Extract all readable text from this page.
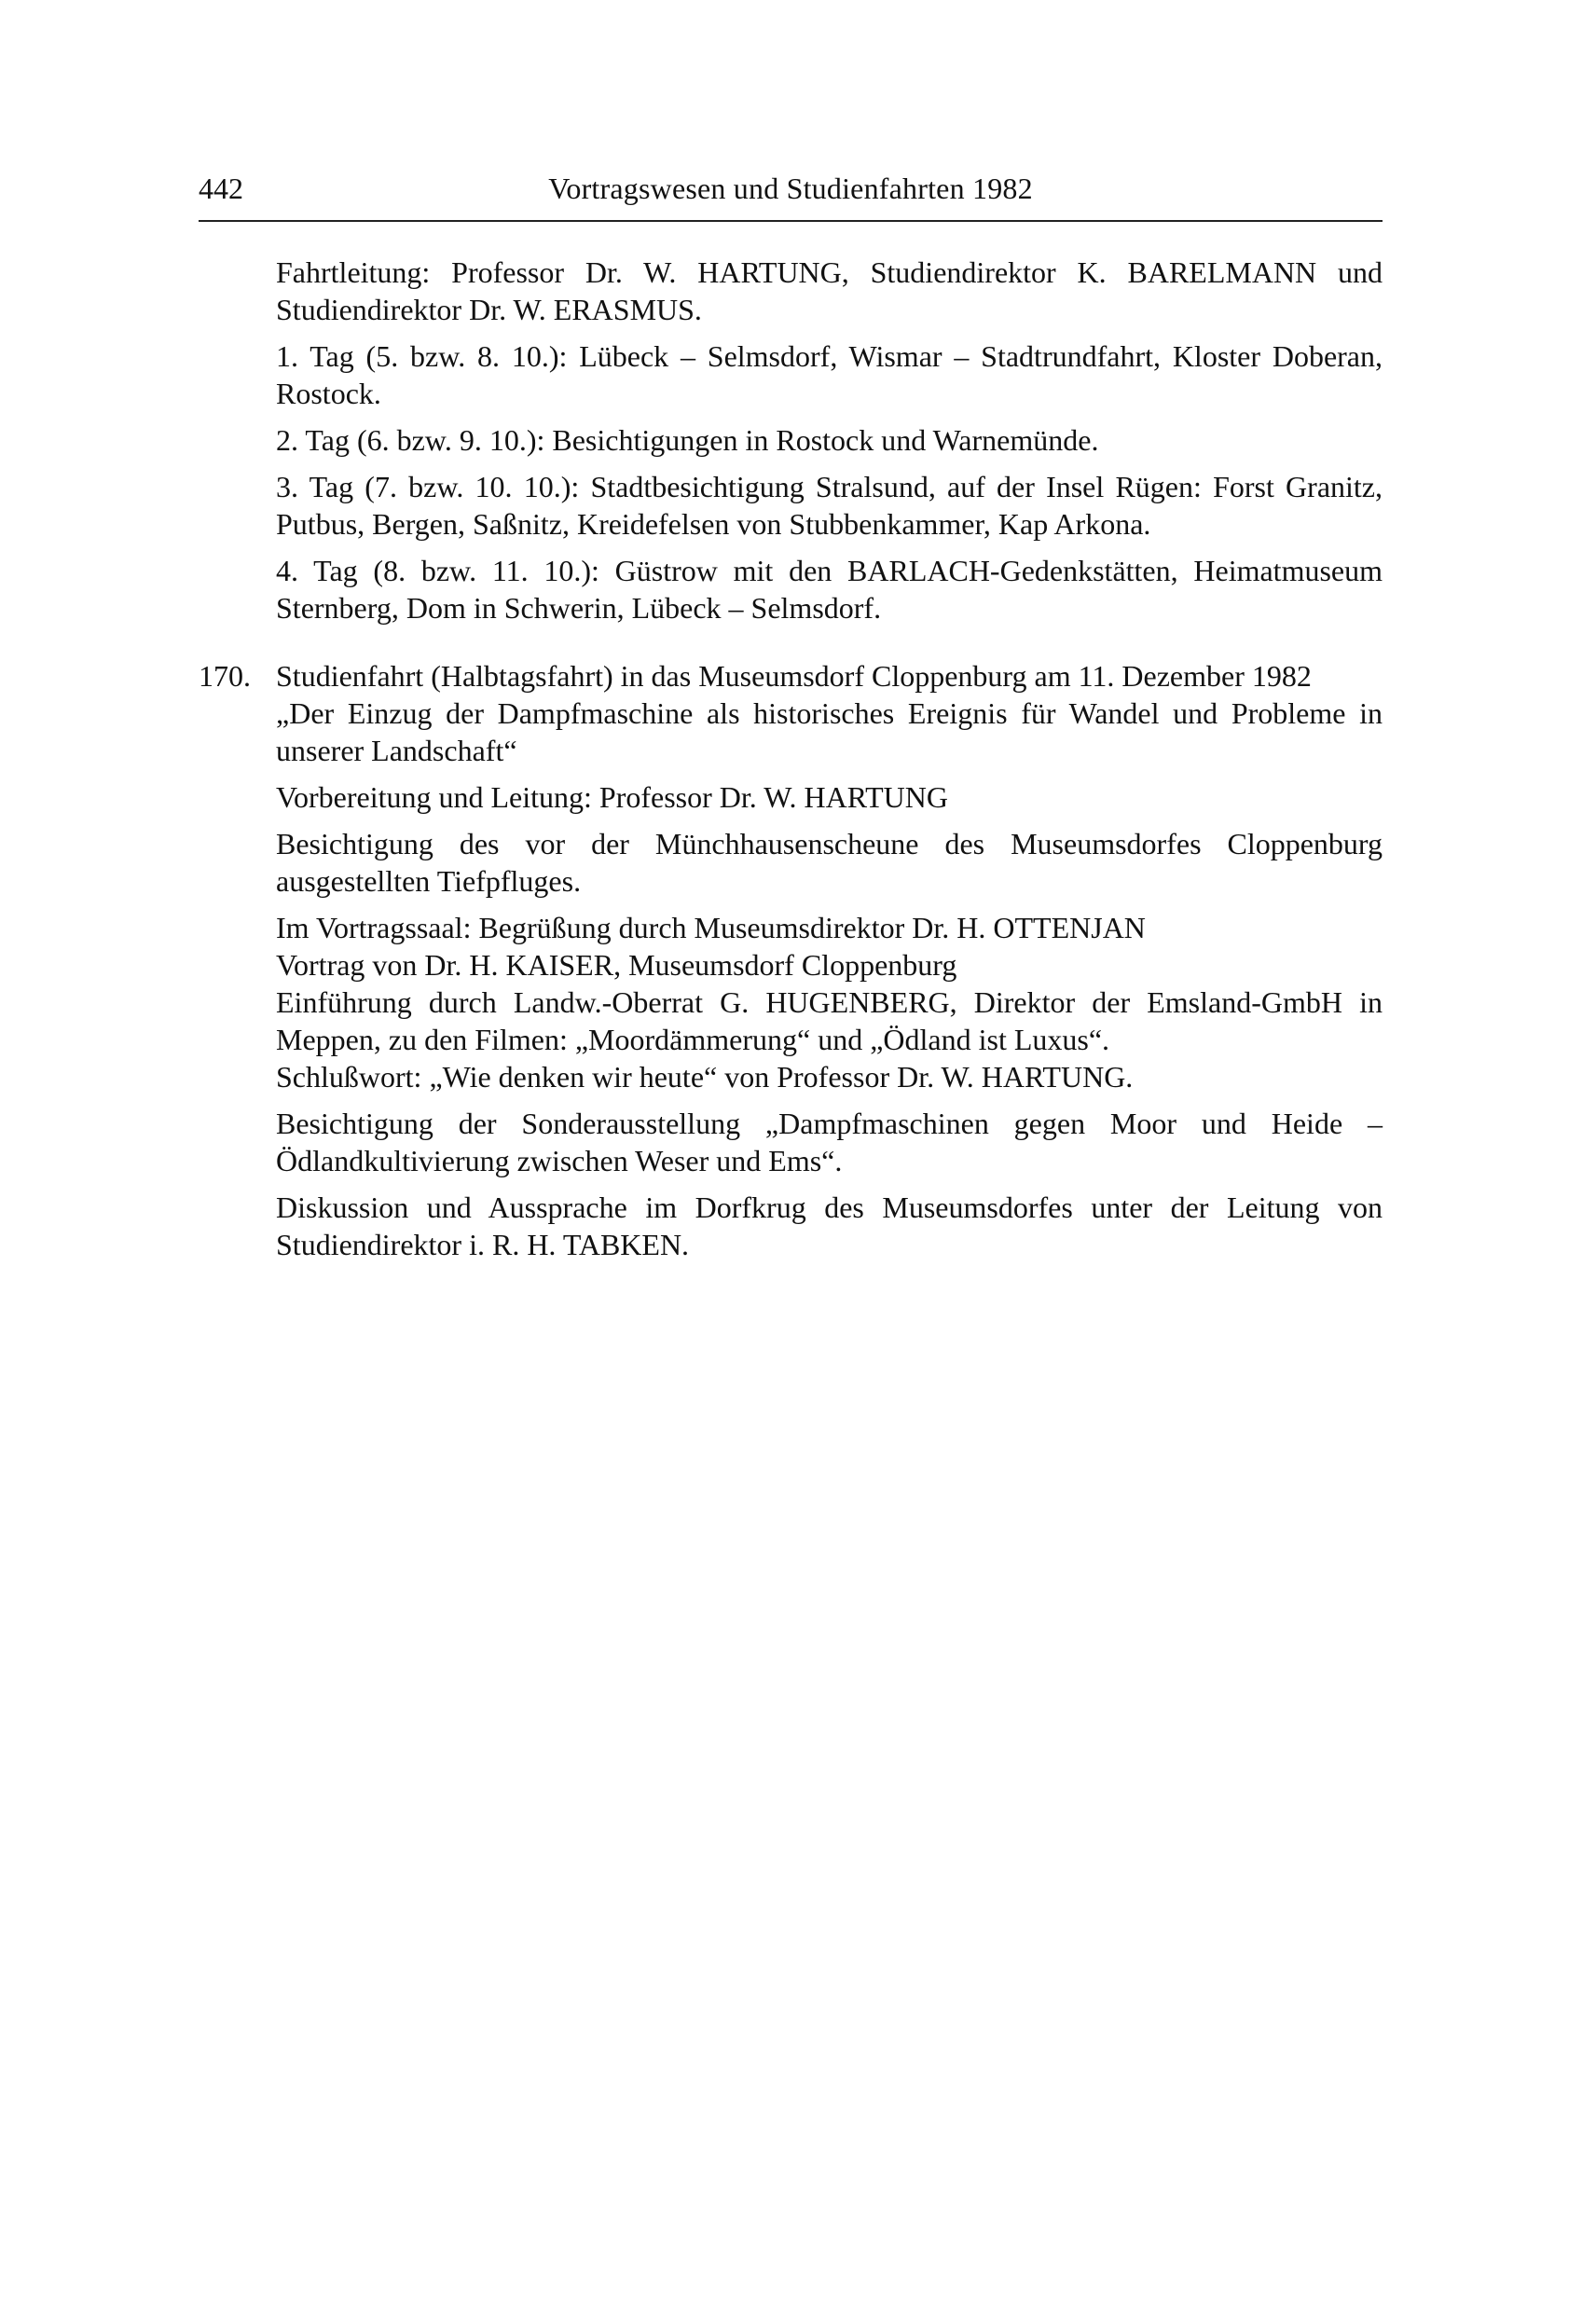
442	Vortragswesen und Studienfahrten 1982

Fahrtleitung: Professor Dr. W. HARTUNG, Studiendirektor K. BARELMANN und Studiendirektor Dr. W. ERASMUS.

1. Tag (5. bzw. 8. 10.): Lübeck – Selmsdorf, Wismar – Stadtrundfahrt, Kloster Doberan, Rostock.

2. Tag (6. bzw. 9. 10.): Besichtigungen in Rostock und Warnemünde.

3. Tag (7. bzw. 10. 10.): Stadtbesichtigung Stralsund, auf der Insel Rügen: Forst Granitz, Putbus, Bergen, Saßnitz, Kreidefelsen von Stubbenkammer, Kap Arkona.

4. Tag (8. bzw. 11. 10.): Güstrow mit den BARLACH-Gedenkstätten, Heimatmuseum Sternberg, Dom in Schwerin, Lübeck – Selmsdorf.

170. Studienfahrt (Halbtagsfahrt) in das Museumsdorf Cloppenburg am 11. Dezember 1982

„Der Einzug der Dampfmaschine als historisches Ereignis für Wandel und Probleme in unserer Landschaft“

Vorbereitung und Leitung: Professor Dr. W. HARTUNG

Besichtigung des vor der Münchhausenscheune des Museumsdorfes Cloppenburg ausgestellten Tiefpfluges.

Im Vortragssaal: Begrüßung durch Museumsdirektor Dr. H. OTTENJAN

Vortrag von Dr. H. KAISER, Museumsdorf Cloppenburg

Einführung durch Landw.-Oberrat G. HUGENBERG, Direktor der Emsland-GmbH in Meppen, zu den Filmen: „Moordämmerung“ und „Ödland ist Luxus“.

Schlußwort: „Wie denken wir heute“ von Professor Dr. W. HARTUNG.

Besichtigung der Sonderausstellung „Dampfmaschinen gegen Moor und Heide – Ödlandkultivierung zwischen Weser und Ems“.

Diskussion und Aussprache im Dorfkrug des Museumsdorfes unter der Leitung von Studiendirektor i. R. H. TABKEN.
